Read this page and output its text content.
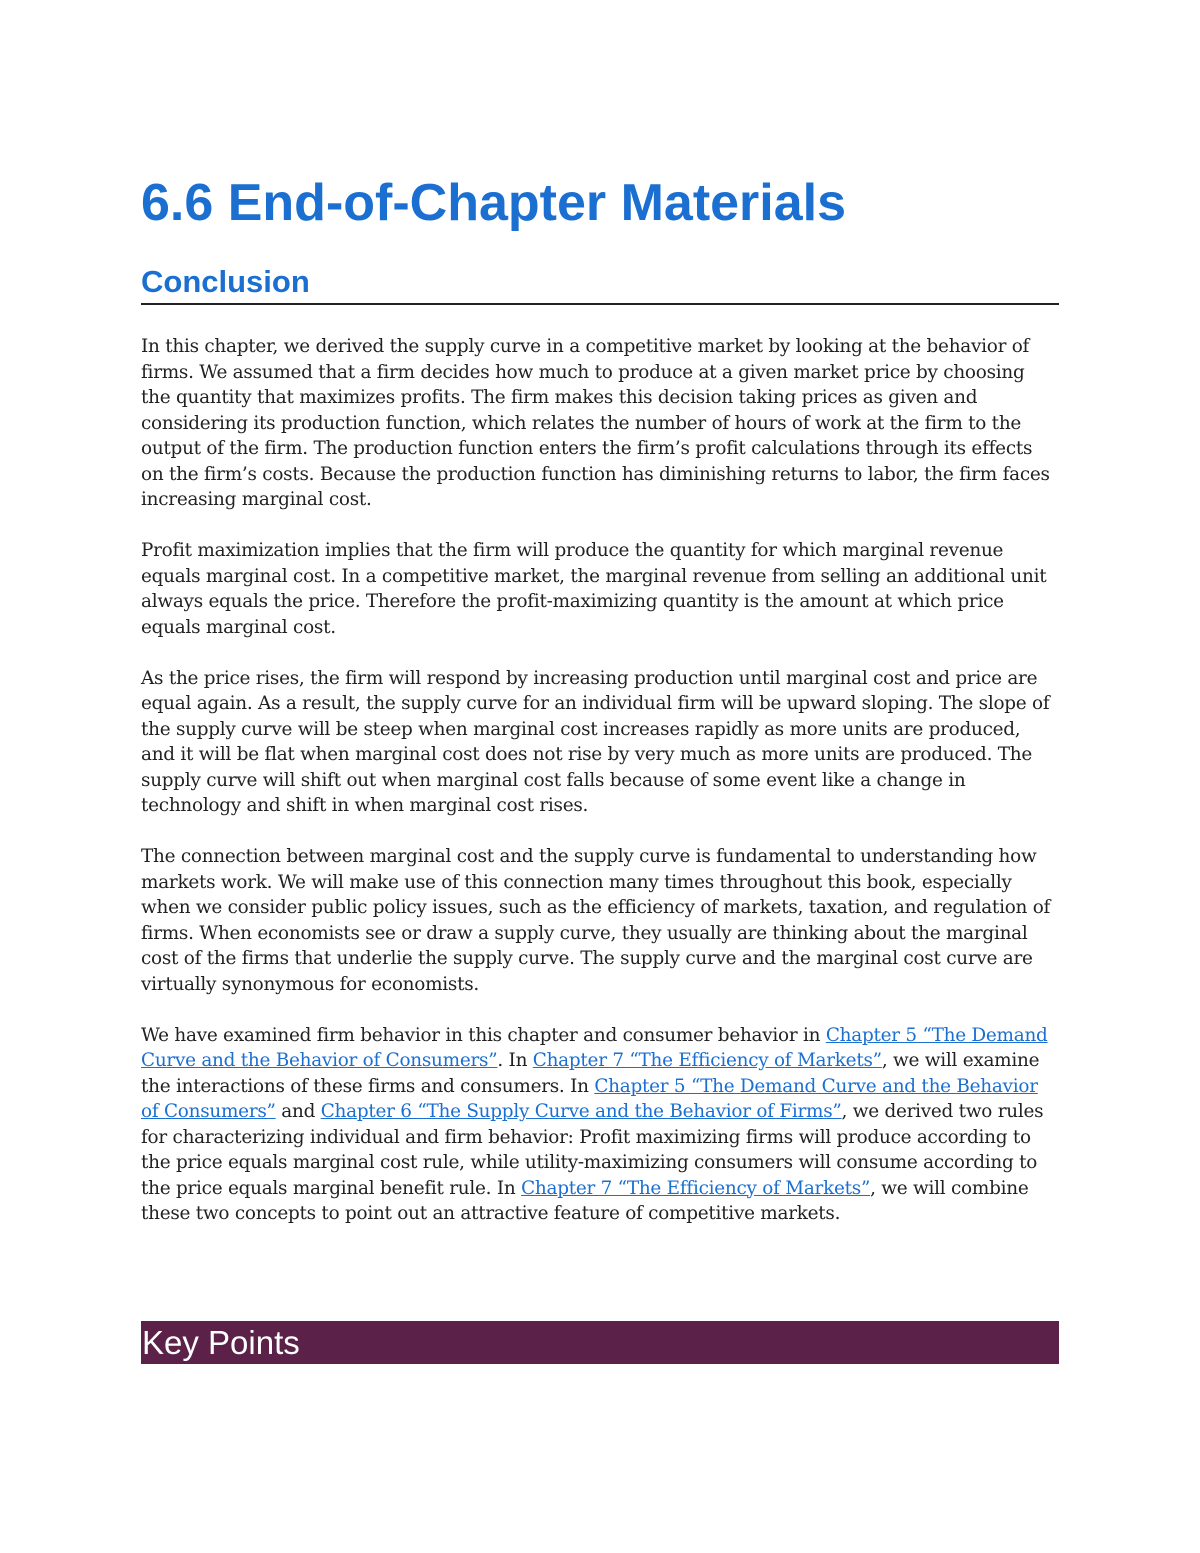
6.6 End-of-Chapter Materials
Conclusion

In this chapter, we derived the supply curve in a competitive market by looking at the behavior of firms. We assumed that a firm decides how much to produce at a given market price by choosing the quantity that maximizes profits. The firm makes this decision taking prices as given and considering its production function, which relates the number of hours of work at the firm to the output of the firm. The production function enters the firm’s profit calculations through its effects on the firm’s costs. Because the production function has diminishing returns to labor, the firm faces increasing marginal cost.

Profit maximization implies that the firm will produce the quantity for which marginal revenue equals marginal cost. In a competitive market, the marginal revenue from selling an additional unit always equals the price. Therefore the profit-maximizing quantity is the amount at which price equals marginal cost.

As the price rises, the firm will respond by increasing production until marginal cost and price are equal again. As a result, the supply curve for an individual firm will be upward sloping. The slope of the supply curve will be steep when marginal cost increases rapidly as more units are produced, and it will be flat when marginal cost does not rise by very much as more units are produced. The supply curve will shift out when marginal cost falls because of some event like a change in technology and shift in when marginal cost rises.

The connection between marginal cost and the supply curve is fundamental to understanding how markets work. We will make use of this connection many times throughout this book, especially when we consider public policy issues, such as the efficiency of markets, taxation, and regulation of firms. When economists see or draw a supply curve, they usually are thinking about the marginal cost of the firms that underlie the supply curve. The supply curve and the marginal cost curve are virtually synonymous for economists.

We have examined firm behavior in this chapter and consumer behavior in Chapter 5 “The Demand Curve and the Behavior of Consumers”. In Chapter 7 “The Efficiency of Markets”, we will examine the interactions of these firms and consumers. In Chapter 5 “The Demand Curve and the Behavior of Consumers” and Chapter 6 “The Supply Curve and the Behavior of Firms”, we derived two rules for characterizing individual and firm behavior: Profit maximizing firms will produce according to the price equals marginal cost rule, while utility-maximizing consumers will consume according to the price equals marginal benefit rule. In Chapter 7 “The Efficiency of Markets”, we will combine these two concepts to point out an attractive feature of competitive markets.

Key Points
